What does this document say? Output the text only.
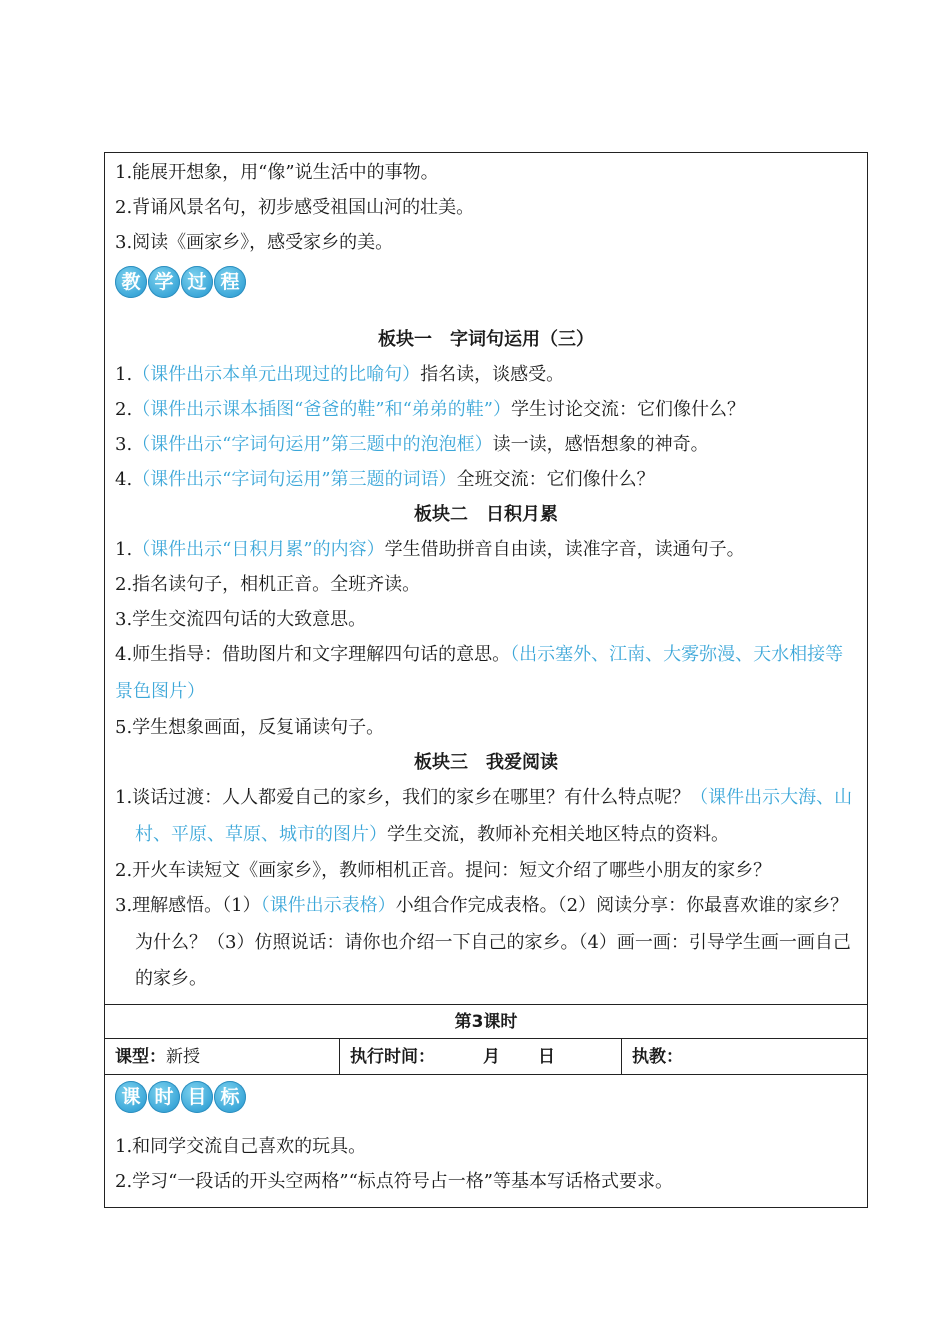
1.能展开想象，用“像”说生活中的事物。
2.背诵风景名句，初步感受祖国山河的壮美。
3.阅读《画家乡》，感受家乡的美。
教 学 过 程
板块一　字词句运用（三）
1.（课件出示本单元出现过的比喻句）指名读，谈感受。
2.（课件出示课本插图“爸爸的鞋”和“弟弟的鞋”）学生讨论交流：它们像什么？
3.（课件出示“字词句运用”第三题中的泡泡框）读一读，感悟想象的神奇。
4.（课件出示“字词句运用”第三题的词语）全班交流：它们像什么？
板块二　日积月累
1.（课件出示“日积月累”的内容）学生借助拼音自由读，读准字音，读通句子。
2.指名读句子，相机正音。全班齐读。
3.学生交流四句话的大致意思。
4.师生指导：借助图片和文字理解四句话的意思。（出示塞外、江南、大雾弥漫、天水相接等景色图片）
5.学生想象画面，反复诵读句子。
板块三　我爱阅读
1.谈话过渡：人人都爱自己的家乡，我们的家乡在哪里？有什么特点呢？（课件出示大海、山村、平原、草原、城市的图片）学生交流，教师补充相关地区特点的资料。
2.开火车读短文《画家乡》，教师相机正音。提问：短文介绍了哪些小朋友的家乡？
3.理解感悟。（1）（课件出示表格）小组合作完成表格。（2）阅读分享：你最喜欢谁的家乡？为什么？（3）仿照说话：请你也介绍一下自己的家乡。（4）画一画：引导学生画一画自己的家乡。
第3课时
课型：新授	执行时间：	月 日	执教：
课 时 目 标
1.和同学交流自己喜欢的玩具。
2.学习“一段话的开头空两格”“标点符号占一格”等基本写话格式要求。
